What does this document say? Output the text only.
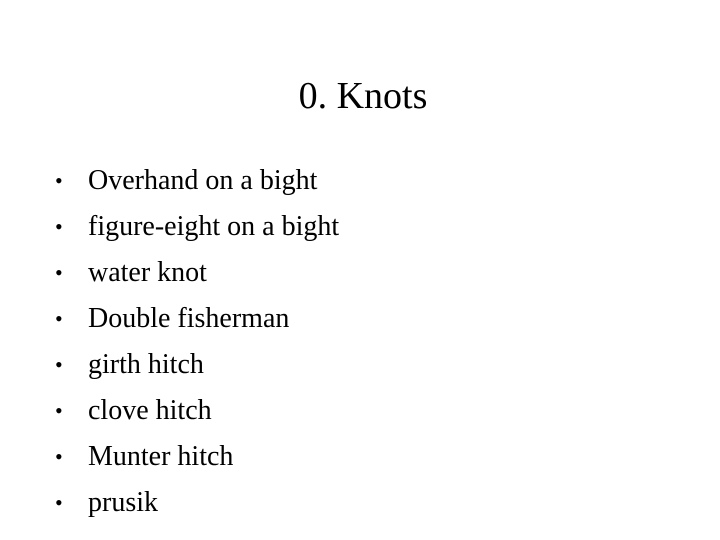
0. Knots
• Overhand on a bight
• figure-eight on a bight
• water knot
• Double fisherman
• girth hitch
• clove hitch
• Munter hitch
• prusik
